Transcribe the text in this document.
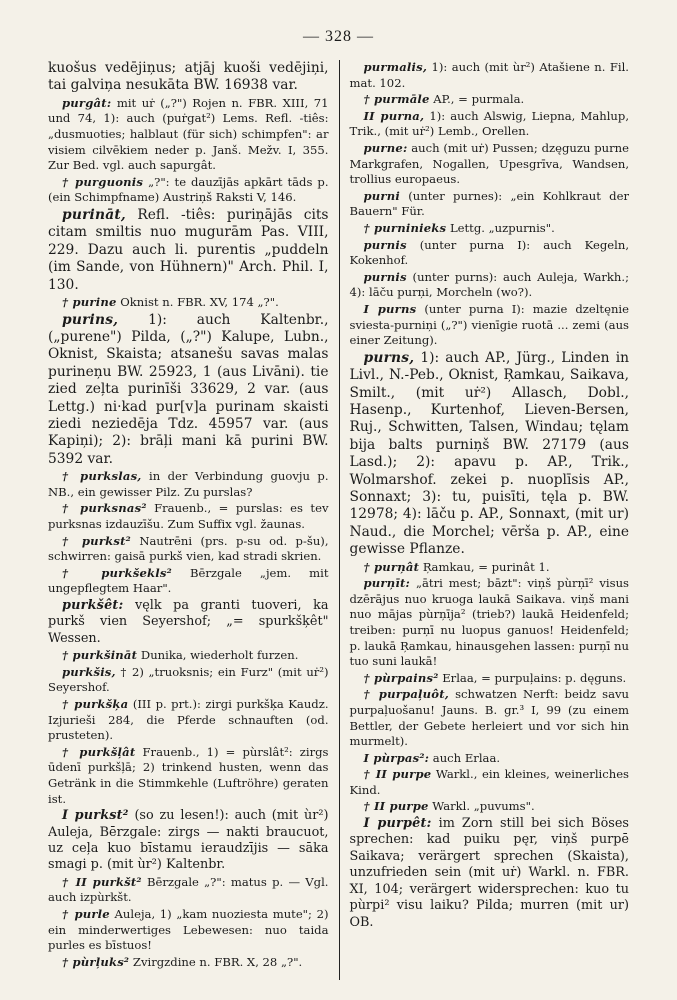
— 328 —

kuošus vedējiņus; atjāj kuoši vedējiņi, tai galviņa nesukāta BW. 16938 var.

purgât: mit uṙ („?") Rojen n. FBR. XIII, 71 und 74, 1): auch (puṙgat²) Lems. Refl. -tiês: „dusmuoties; halblaut (für sich) schimpfen": ar visiem cilvēkiem neder p. Janš. Mežv. I, 355. Zur Bed. vgl. auch sapurgât.

† purguonis „?": te dauzījās apkārt tāds p. (ein Schimpfname) Austriņš Raksti V, 146.

purināt, Refl. -tiês: puriņājās cits citam smiltis nuo mugurām Pas. VIII, 229. Dazu auch li. purentis „puddeln (im Sande, von Hühnern)" Arch. Phil. I, 130.

† purine Oknist n. FBR. XV, 174 „?".

purins, 1): auch Kaltenbr., („purene") Pilda, („?") Kalupe, Lubn., Oknist, Skaista; atsanešu savas malas purineņu BW. 25923, 1 (aus Livāni). tie zied zeļta purinīši 33629, 2 var. (aus Lettg.) ni·kad pur[v]a purinam skaisti ziedi neziedēja Tdz. 45957 var. (aus Kapiņi); 2): brāļi mani kā purini BW. 5392 var.

† purkslas, in der Verbindung guovju p. NB., ein gewisser Pilz. Zu purslas?

† purksnas² Frauenb., = purslas: es tev purksnas izdauzīšu. Zum Suffix vgl. žaunas.

† purkst² Nautrēni (prs. p-su od. p-šu), schwirren: gaisā purkš vien, kad stradi skrien.

† purkšekls² Bērzgale „jem. mit ungepflegtem Haar".

purkšêt: vęlk pa granti tuoveri, ka purkš vien Seyershof; „= spurkšķêt" Wessen.

† purkšināt Dunika, wiederholt furzen.

purkšis, † 2) „truoksnis; ein Furz" (mit uṙ²) Seyershof.

† purkšķa (III p. prt.): zirgi purkšķa Kaudz. Izjurieši 284, die Pferde schnauften (od. prusteten).

† purkšļât Frauenb., 1) = pùrslât²: zirgs ūdenī purkšļā; 2) trinkend husten, wenn das Getränk in die Stimmkehle (Luftröhre) geraten ist.

I purkst² (so zu lesen!): auch (mit ùr²) Auleja, Bērzgale: zirgs — nakti braucuot, uz ceļa kuo bīstamu ieraudzījis — sāka smagi p. (mit ùr²) Kaltenbr.

† II purkšt² Bērzgale „?": matus p. — Vgl. auch izpùrkšt.

† purle Auleja, 1) „kam nuoziesta mute"; 2) ein minderwertiges Lebewesen: nuo taida purles es bīstuos!

† pùrļuks² Zvirgzdine n. FBR. X, 28 „?".

purmalis, 1): auch (mit ùr²) Atašiene n. Fil. mat. 102.

† purmāle AP., = purmala.

II purna, 1): auch Alswig, Liepna, Mahlup, Trik., (mit uṙ²) Lemb., Orellen.

purne: auch (mit uṙ) Pussen; dzęguzu purne Markgrafen, Nogallen, Upesgrīva, Wandsen, trollius europaeus.

purni (unter purnes): „ein Kohlkraut der Bauern" Für.

† purninieks Lettg. „uzpurnis".

purnis (unter purna I): auch Kegeln, Kokenhof.

purnis (unter purns): auch Auleja, Warkh.; 4): lāču purņi, Morcheln (wo?).

I purns (unter purna I): mazie dzeltęnie sviesta-purniņi („?") vienīgie ruotā ... zemi (aus einer Zeitung).

purns, 1): auch AP., Jürg., Linden in Livl., N.-Peb., Oknist, Ŗamkau, Saikava, Smilt., (mit uṙ²) Allasch, Dobl., Hasenp., Kurtenhof, Lieven-Bersen, Ruj., Schwitten, Talsen, Windau; tęlam bija balts purniņš BW. 27179 (aus Lasd.); 2): apavu p. AP., Trik., Wolmarshof. zekei p. nuoplīsis AP., Sonnaxt; 3): tu, puisīti, tęla p. BW. 12978; 4): lāču p. AP., Sonnaxt, (mit ur) Naud., die Morchel; vērša p. AP., eine gewisse Pflanze.

† purņât Ŗamkau, = purinât 1.

purņīt: „ātri mest; bāzt": viņš pùrņī² visus dzērājus nuo kruoga laukā Saikava. viņš mani nuo mājas pùrņīja² (trieb?) laukā Heidenfeld; treiben: purņī nu luopus ganuos! Heidenfeld; p. laukā Ŗamkau, hinausgehen lassen: purņī nu tuo suni laukā!

† pùrpains² Erlaa, = purpuļains: p. dęguns.

† purpaļuôt, schwatzen Nerft: beidz savu purpaļuošanu! Jauns. B. gr.³ I, 99 (zu einem Bettler, der Gebete herleiert und vor sich hin murmelt).

I pùrpas²: auch Erlaa.

† II purpe Warkl., ein kleines, weinerliches Kind.

† II purpe Warkl. „puvums".

I purpêt: im Zorn still bei sich Böses sprechen: kad puiku pęr, viņš purpē Saikava; verärgert sprechen (Skaista), unzufrieden sein (mit uṙ) Warkl. n. FBR. XI, 104; verärgert widersprechen: kuo tu pùrpi² visu laiku? Pilda; murren (mit ur) OB.
